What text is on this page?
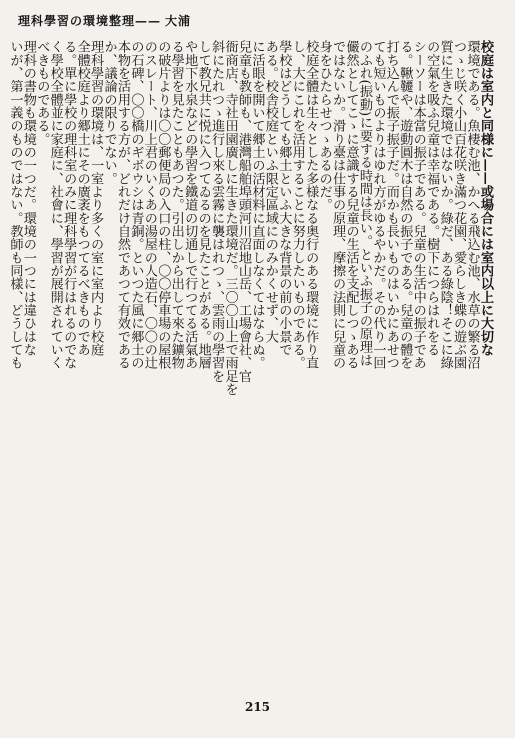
理科學習の環境整理—— 大浦
215
校庭は室内と同様に——或場合には室内以上に大切な
環境である。魚棲む池、かへる飛込む池、水草の繁る沼
つゝじ咲く小山百花咲き滿つ花園、愛らしき蝶の遊ぶ園
質に生きた環境ではないか。綠だ、ある綠陰！そこに綠
の空氣を吸ふ兒童は幸福である。樹下につらはれをる
シーソーは本當の振子である。兒童の生活中の振子であ
る。鞦韆や、遊動圓木は自然の振子である。兒童の體を
打ち込んで振子振子だ。而かも長いものはいかにあせつ
ても短いものよりはゆれ方がゆるやかだ。その代り一回
のふれ(振動)に要する時間は長い。といふ振子の原理は
儼然としてこゝに意識する兒童の生活を支配しつゝある
ではないか。滑り臺は仕事の原理、摩擦の法則に兒童の
身をひたらせつゝあるのだ。
校庭全體は生々とした多様なる奥行のある環境に作り直
し、大にこれを活用することに努力したいものである。
學校はどうしても郷土といふ大きな背景の前の小景で
ある。校舎校庭といふ限定區域にのみかくせず、大
に活眼を開いて郷土の活材料に直面しなくてはならぬ。
兒童も教師も、港灣船舶埠頭河川沼地山岳、工場會社、官
衙商店、寺社田園廣しに生きた環境だ。三〇〇山上で雨足を
斜にたれつゝ進行し來る雲霧に襲はれつゝ、雲雨の學習を
して教兄共に悦に入つてゐるのを見たことがある。地層
や地下水泉などの學習を鐵道の切通しで行つてる活氣あ
る學習を見たこともあつた。引出しから出して來た鑛物
の破片よりは〇〇郵便局の入口の柱、〇〇停車場の屋根
のスレート、川上君のいくあの湯屋の人造石、〇〇の辻
の石碑、〇〇橋のギボウシは青銅。といつた風に郷土の
本物を活用する方が、どれだけ自然であつて有效である
か、議論の限りでない。
理科學習の環境は、一室より多くの室に室内より校庭
全體校庭より郷土にその廣袤をもつてるべきものであ
る。單に學校の理科室のみに理科學習が行はれるのでな
く學校全體並に家庭に、社會に、學習が展開されていく
べきものである。
理科の書物も環境の一つだ。環境の一つには違ひはな
いが、第一義のものではない。教師も同樣、どうしても
